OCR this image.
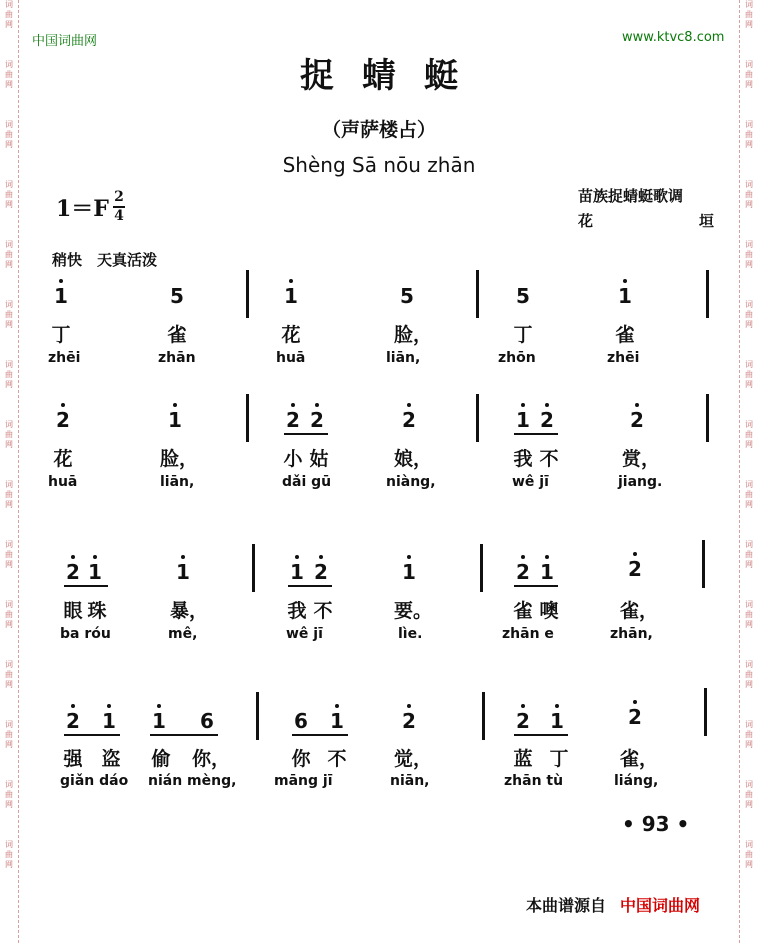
词
曲
网
词
曲
网
词
曲
网
词
曲
网
词
曲
网
词
曲
网
词
曲
网
词
曲
网
词
曲
网
词
曲
网
词
曲
网
词
曲
网
词
曲
网
词
曲
网
词
曲
网
词
曲
网
词
曲
网
词
曲
网
词
曲
网
词
曲
网
词
曲
网
词
曲
网
词
曲
网
词
曲
网
词
曲
网
词
曲
网
词
曲
网
词
曲
网
词
曲
网
词
曲
网
中国词曲网	www.ktvc8.com
捉蜻蜓
（声萨楼占）
Shèng Sā nōu zhān
1＝F 2
4
苗族捉蜻蜓歌调
花	垣
稍快　天真活泼
1	5	1	5	5	1
丁	雀	花	脸，	丁	雀
zhēi	zhān	huā	liān,	zhōn	zhēi
2	1	2 2	2	1 2	2
花	脸，	小 姑	娘，	我 不	赏，
huā	liān,	dǎi gū	niàng,	wê jī	jiang.
2 1	1	1 2	1	2 1	2
眼 珠	暴，	我 不	要。	雀 噢	雀，
ba róu	mê,	wê jī	lìe.	zhān e	zhān,
2 1 1 6	6 1	2	2 1	2
强 盗 偷 你，	你 不	觉，	蓝 丁	雀，
giǎn dáo nián mèng,	māng jī	niān,	zhān tù	liáng,
• 93 •
本曲谱源自 中国词曲网
